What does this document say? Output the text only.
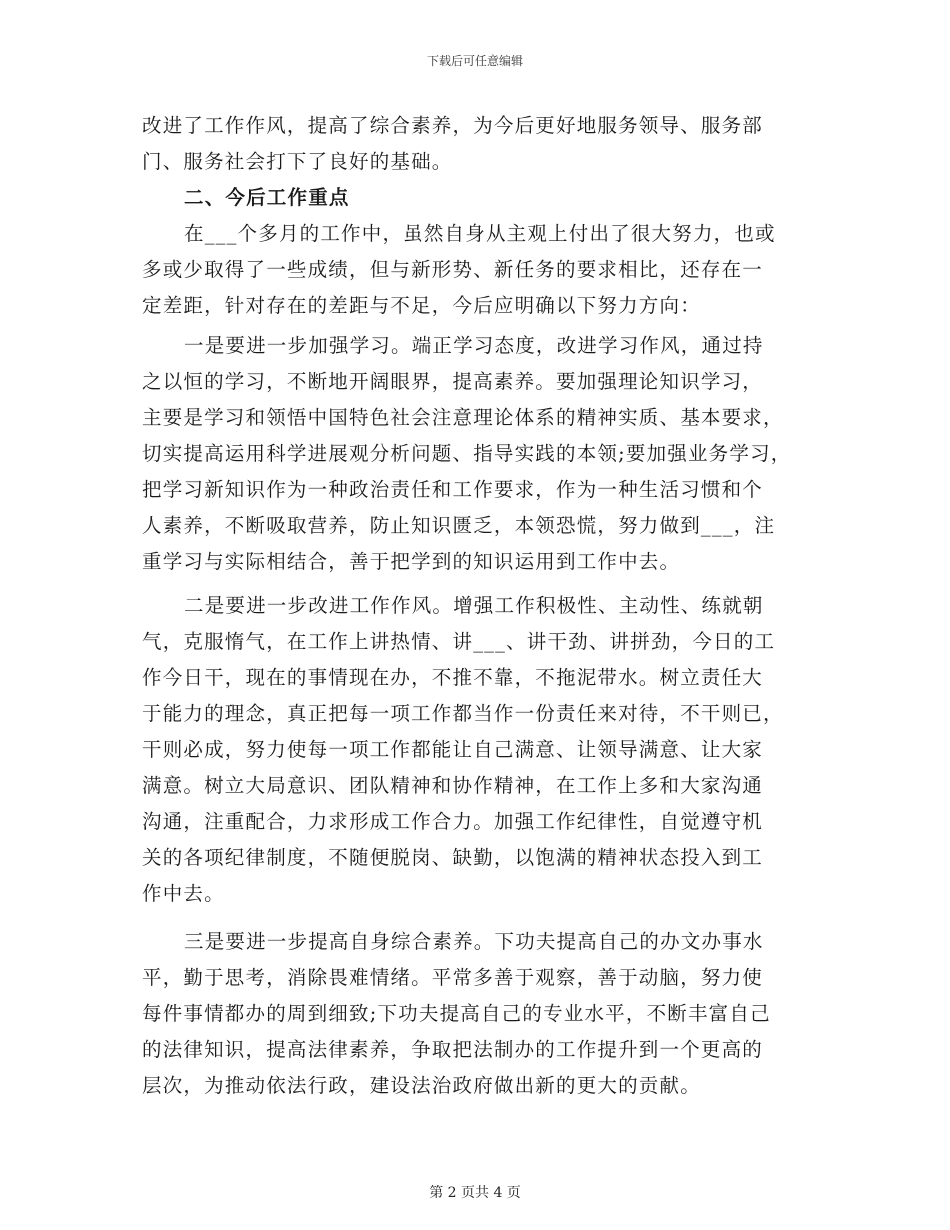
下载后可任意编辑
改进了工作作风，提高了综合素养，为今后更好地服务领导、服务部
门、服务社会打下了良好的基础。
二、今后工作重点
在___个多月的工作中，虽然自身从主观上付出了很大努力，也或
多或少取得了一些成绩，但与新形势、新任务的要求相比，还存在一
定差距，针对存在的差距与不足，今后应明确以下努力方向：
一是要进一步加强学习。端正学习态度，改进学习作风，通过持
之以恒的学习，不断地开阔眼界，提高素养。要加强理论知识学习，
主要是学习和领悟中国特色社会注意理论体系的精神实质、基本要求，
切实提高运用科学进展观分析问题、指导实践的本领;要加强业务学习，
把学习新知识作为一种政治责任和工作要求，作为一种生活习惯和个
人素养，不断吸取营养，防止知识匮乏，本领恐慌，努力做到___，注
重学习与实际相结合，善于把学到的知识运用到工作中去。
二是要进一步改进工作作风。增强工作积极性、主动性、练就朝
气，克服惰气，在工作上讲热情、讲___、讲干劲、讲拼劲，今日的工
作今日干，现在的事情现在办，不推不靠，不拖泥带水。树立责任大
于能力的理念，真正把每一项工作都当作一份责任来对待，不干则已，
干则必成，努力使每一项工作都能让自己满意、让领导满意、让大家
满意。树立大局意识、团队精神和协作精神，在工作上多和大家沟通
沟通，注重配合，力求形成工作合力。加强工作纪律性，自觉遵守机
关的各项纪律制度，不随便脱岗、缺勤，以饱满的精神状态投入到工
作中去。
三是要进一步提高自身综合素养。下功夫提高自己的办文办事水
平，勤于思考，消除畏难情绪。平常多善于观察，善于动脑，努力使
每件事情都办的周到细致;下功夫提高自己的专业水平，不断丰富自己
的法律知识，提高法律素养，争取把法制办的工作提升到一个更高的
层次，为推动依法行政，建设法治政府做出新的更大的贡献。
第 2 页共 4 页
